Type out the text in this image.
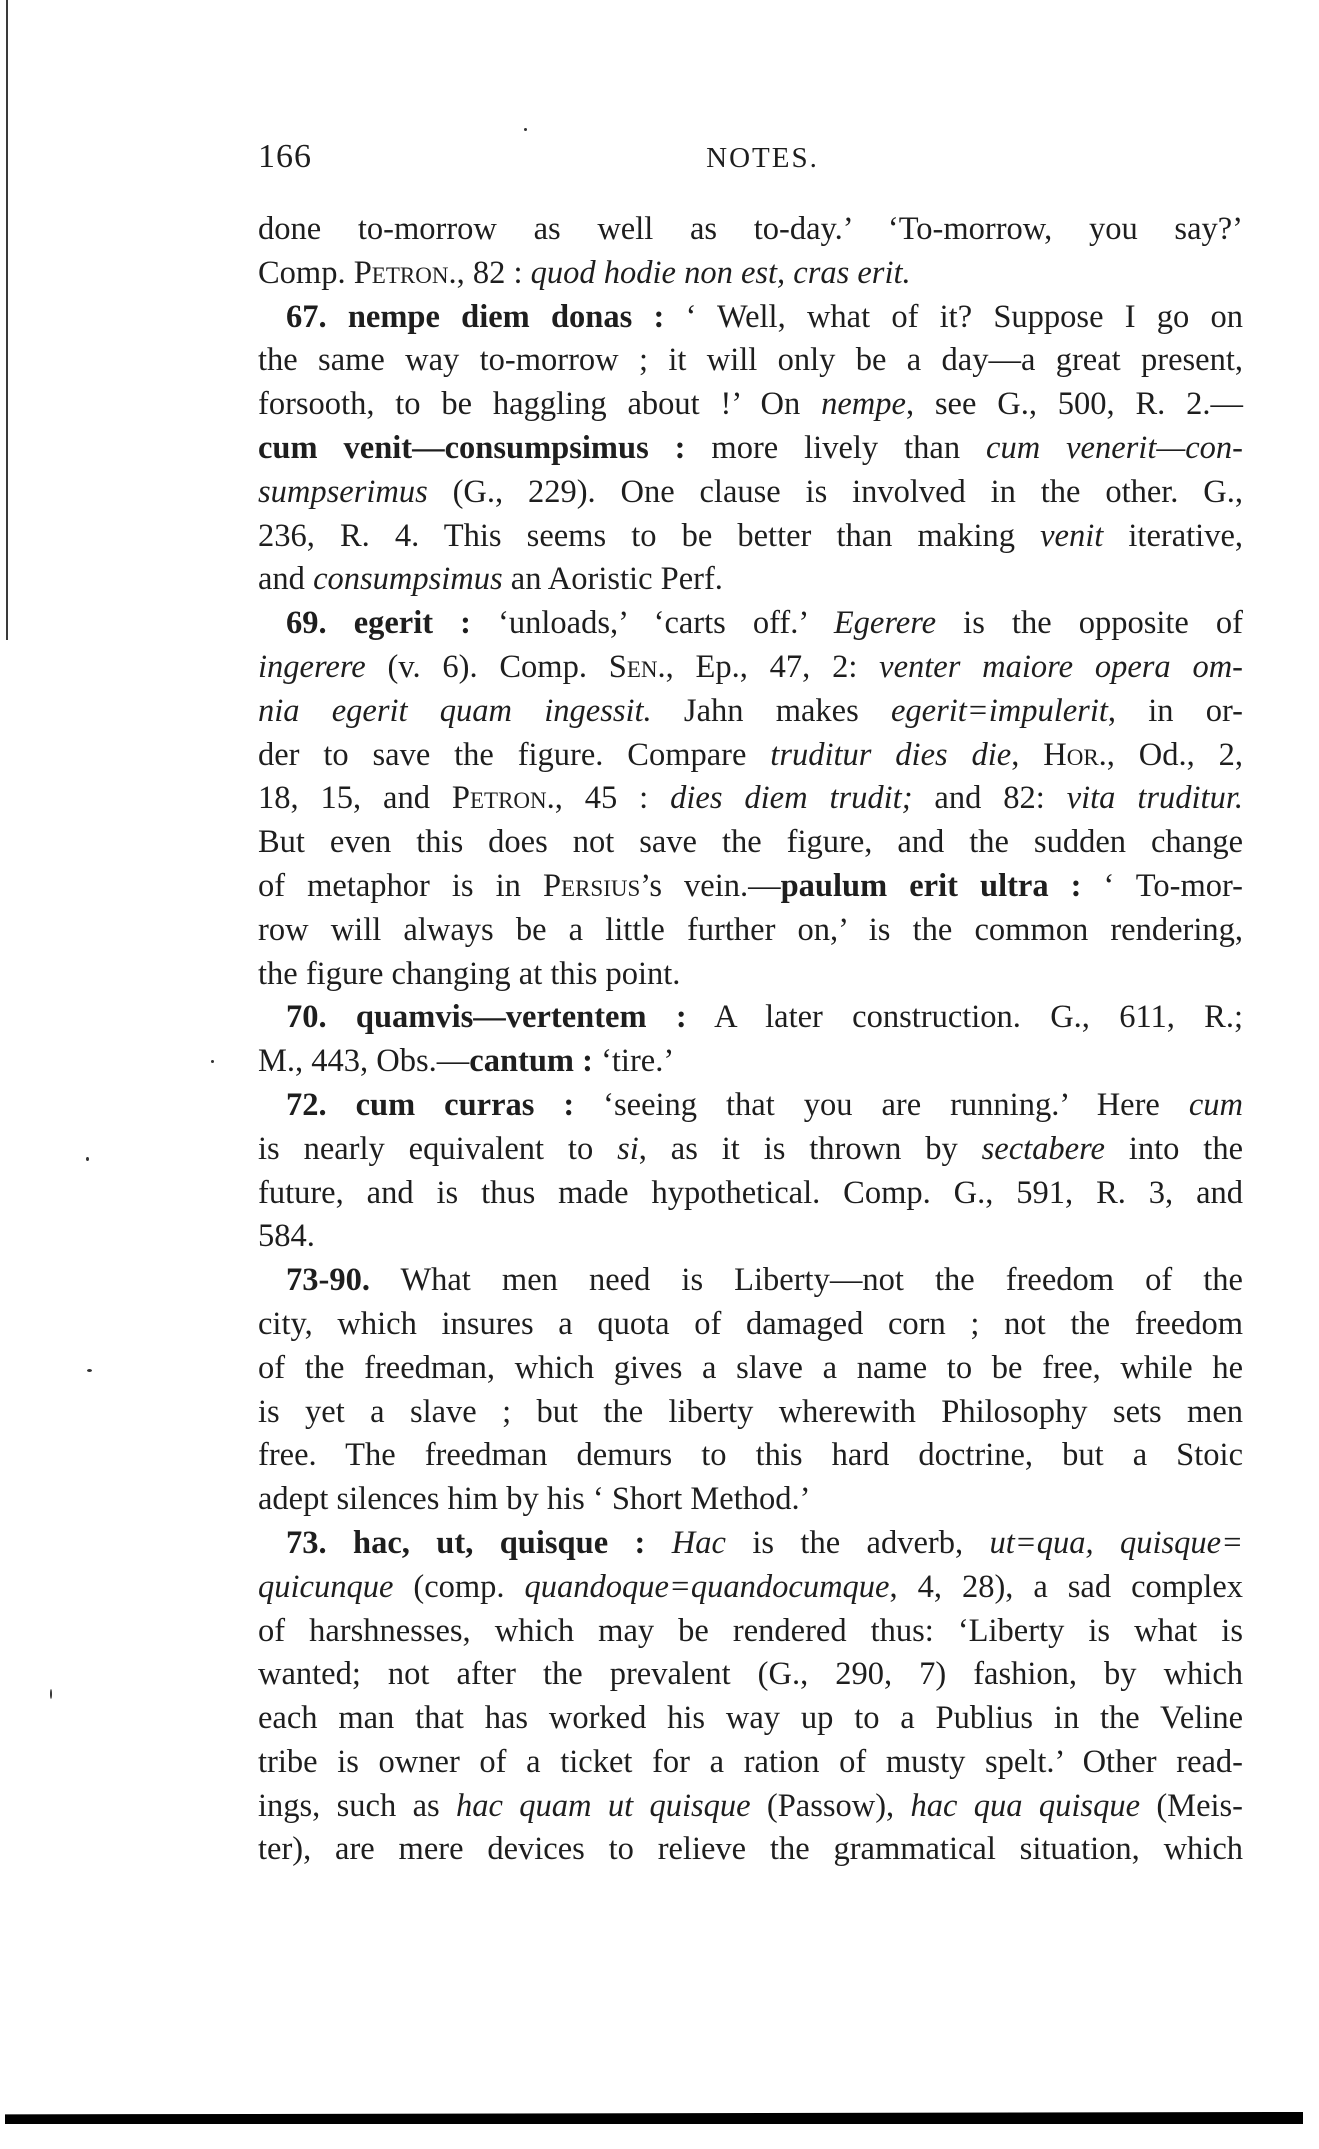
166	NOTES.
done to-morrow as well as to-day.’ ‘To-morrow, you say?’
Comp. Petron., 82 : quod hodie non est, cras erit.
67. nempe diem donas : ‘ Well, what of it? Suppose I go on
the same way to-morrow ; it will only be a day—a great present,
forsooth, to be haggling about !’ On nempe, see G., 500, R. 2.—
cum venit—consumpsimus : more lively than cum venerit—con-
sumpserimus (G., 229). One clause is involved in the other. G.,
236, R. 4. This seems to be better than making venit iterative,
and consumpsimus an Aoristic Perf.
69. egerit : ‘unloads,’ ‘carts off.’ Egerere is the opposite of
ingerere (v. 6). Comp. Sen., Ep., 47, 2: venter maiore opera om-
nia egerit quam ingessit. Jahn makes egerit=impulerit, in or-
der to save the figure. Compare truditur dies die, Hor., Od., 2,
18, 15, and Petron., 45 : dies diem trudit; and 82: vita truditur.
But even this does not save the figure, and the sudden change
of metaphor is in Persius’s vein.—paulum erit ultra : ‘ To-mor-
row will always be a little further on,’ is the common rendering,
the figure changing at this point.
70. quamvis—vertentem : A later construction. G., 611, R.;
M., 443, Obs.—cantum : ‘tire.’
72. cum curras : ‘seeing that you are running.’ Here cum
is nearly equivalent to si, as it is thrown by sectabere into the
future, and is thus made hypothetical. Comp. G., 591, R. 3, and
584.
73-90. What men need is Liberty—not the freedom of the
city, which insures a quota of damaged corn ; not the freedom
of the freedman, which gives a slave a name to be free, while he
is yet a slave ; but the liberty wherewith Philosophy sets men
free. The freedman demurs to this hard doctrine, but a Stoic
adept silences him by his ‘ Short Method.’
73. hac, ut, quisque : Hac is the adverb, ut=qua, quisque=
quicunque (comp. quandoque=quandocumque, 4, 28), a sad complex
of harshnesses, which may be rendered thus: ‘Liberty is what is
wanted; not after the prevalent (G., 290, 7) fashion, by which
each man that has worked his way up to a Publius in the Veline
tribe is owner of a ticket for a ration of musty spelt.’ Other read-
ings, such as hac quam ut quisque (Passow), hac qua quisque (Meis-
ter), are mere devices to relieve the grammatical situation, which
